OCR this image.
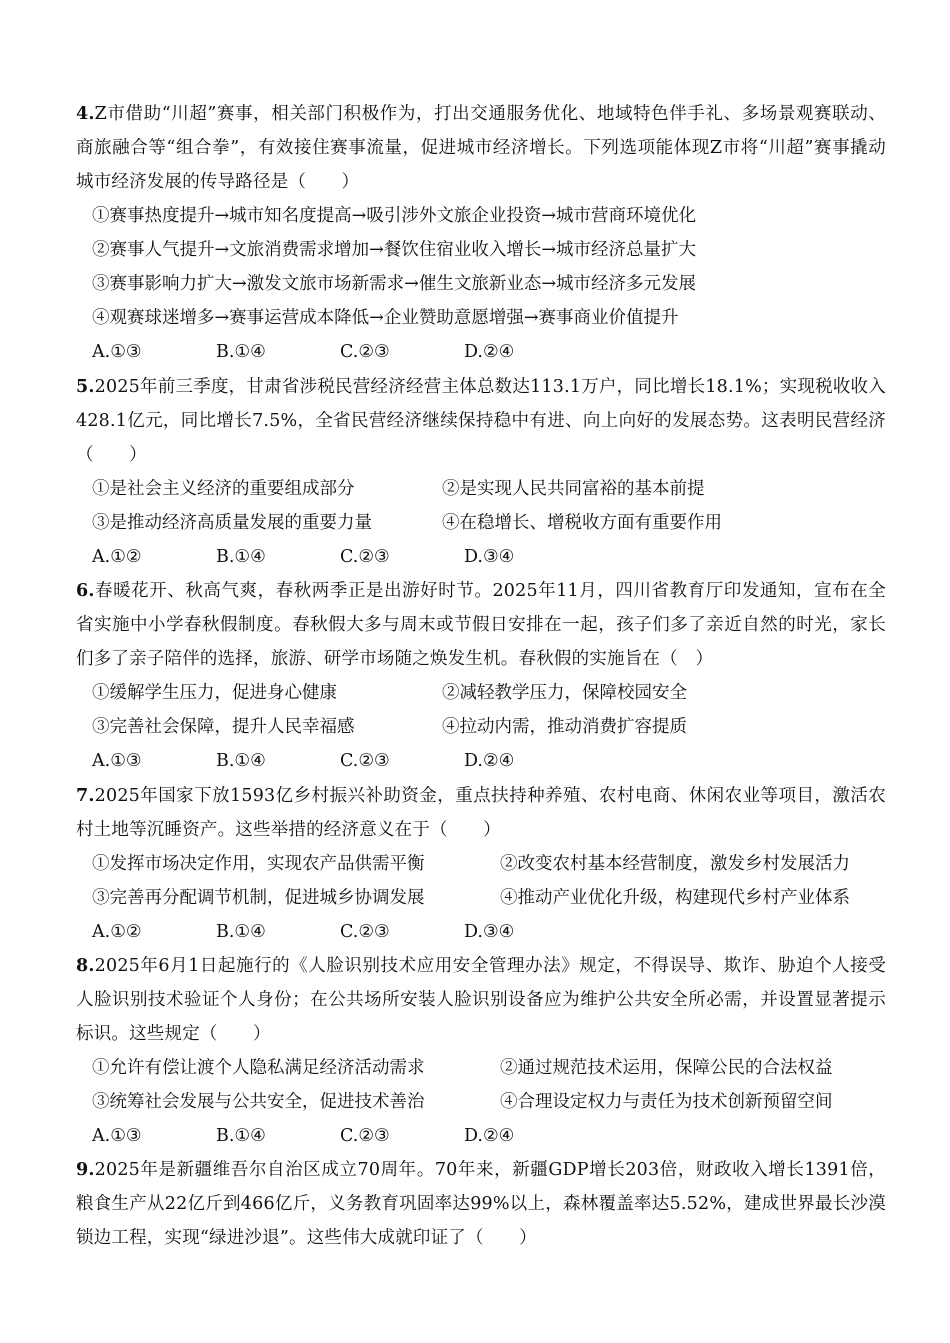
4.Z市借助“川超”赛事，相关部门积极作为，打出交通服务优化、地域特色伴手礼、多场景观赛联动、商旅融合等“组合拳”，有效接住赛事流量，促进城市经济增长。下列选项能体现Z市将“川超”赛事撬动城市经济发展的传导路径是（　　）

①赛事热度提升→城市知名度提高→吸引涉外文旅企业投资→城市营商环境优化
②赛事人气提升→文旅消费需求增加→餐饮住宿业收入增长→城市经济总量扩大
③赛事影响力扩大→激发文旅市场新需求→催生文旅新业态→城市经济多元发展
④观赛球迷增多→赛事运营成本降低→企业赞助意愿增强→赛事商业价值提升
A.①③	B.①④	C.②③	D.②④

5.2025年前三季度，甘肃省涉税民营经济经营主体总数达113.1万户，同比增长18.1%；实现税收收入428.1亿元，同比增长7.5%，全省民营经济继续保持稳中有进、向上向好的发展态势。这表明民营经济（　　）

①是社会主义经济的重要组成部分	②是实现人民共同富裕的基本前提
③是推动经济高质量发展的重要力量	④在稳增长、增税收方面有重要作用
A.①②	B.①④	C.②③	D.③④

6.春暖花开、秋高气爽，春秋两季正是出游好时节。2025年11月，四川省教育厅印发通知，宣布在全省实施中小学春秋假制度。春秋假大多与周末或节假日安排在一起，孩子们多了亲近自然的时光，家长们多了亲子陪伴的选择，旅游、研学市场随之焕发生机。春秋假的实施旨在（　）

①缓解学生压力，促进身心健康	②减轻教学压力，保障校园安全
③完善社会保障，提升人民幸福感	④拉动内需，推动消费扩容提质
A.①③	B.①④	C.②③	D.②④

7.2025年国家下放1593亿乡村振兴补助资金，重点扶持种养殖、农村电商、休闲农业等项目，激活农村土地等沉睡资产。这些举措的经济意义在于（　　）

①发挥市场决定作用，实现农产品供需平衡	②改变农村基本经营制度，激发乡村发展活力
③完善再分配调节机制，促进城乡协调发展	④推动产业优化升级，构建现代乡村产业体系
A.①②	B.①④	C.②③	D.③④

8.2025年6月1日起施行的《人脸识别技术应用安全管理办法》规定，不得误导、欺诈、胁迫个人接受人脸识别技术验证个人身份；在公共场所安装人脸识别设备应为维护公共安全所必需，并设置显著提示标识。这些规定（　　）

①允许有偿让渡个人隐私满足经济活动需求	②通过规范技术运用，保障公民的合法权益
③统筹社会发展与公共安全，促进技术善治	④合理设定权力与责任为技术创新预留空间
A.①③	B.①④	C.②③	D.②④

9.2025年是新疆维吾尔自治区成立70周年。70年来，新疆GDP增长203倍，财政收入增长1391倍，粮食生产从22亿斤到466亿斤，义务教育巩固率达99%以上，森林覆盖率达5.52%，建成世界最长沙漠锁边工程，实现“绿进沙退”。这些伟大成就印证了（　　）
